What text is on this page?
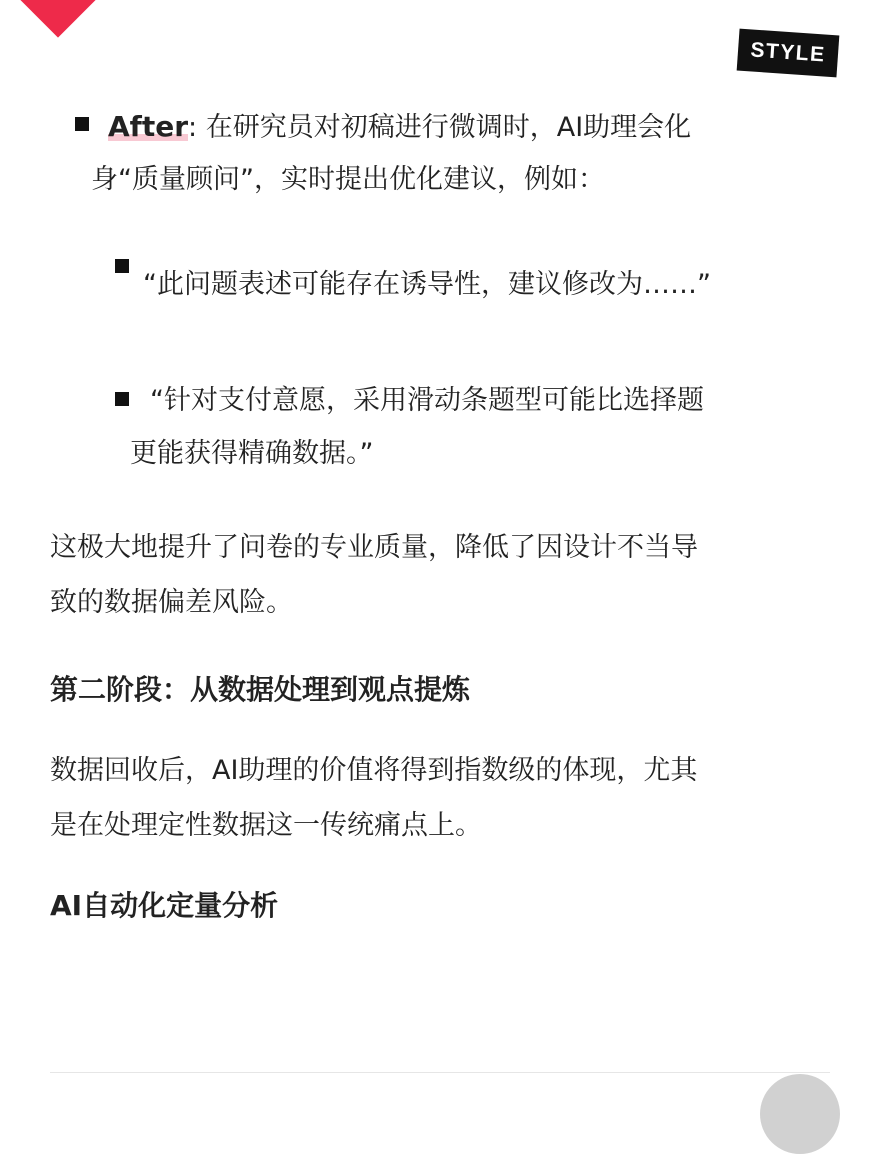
STYLE

After: 在研究员对初稿进行微调时，AI助理会化

身“质量顾问”，实时提出优化建议，例如：

“此问题表述可能存在诱导性，建议修改为……”

“针对支付意愿，采用滑动条题型可能比选择题

更能获得精确数据。”

这极大地提升了问卷的专业质量，降低了因设计不当导

致的数据偏差风险。

第二阶段：从数据处理到观点提炼

数据回收后，AI助理的价值将得到指数级的体现，尤其

是在处理定性数据这一传统痛点上。

AI自动化定量分析
